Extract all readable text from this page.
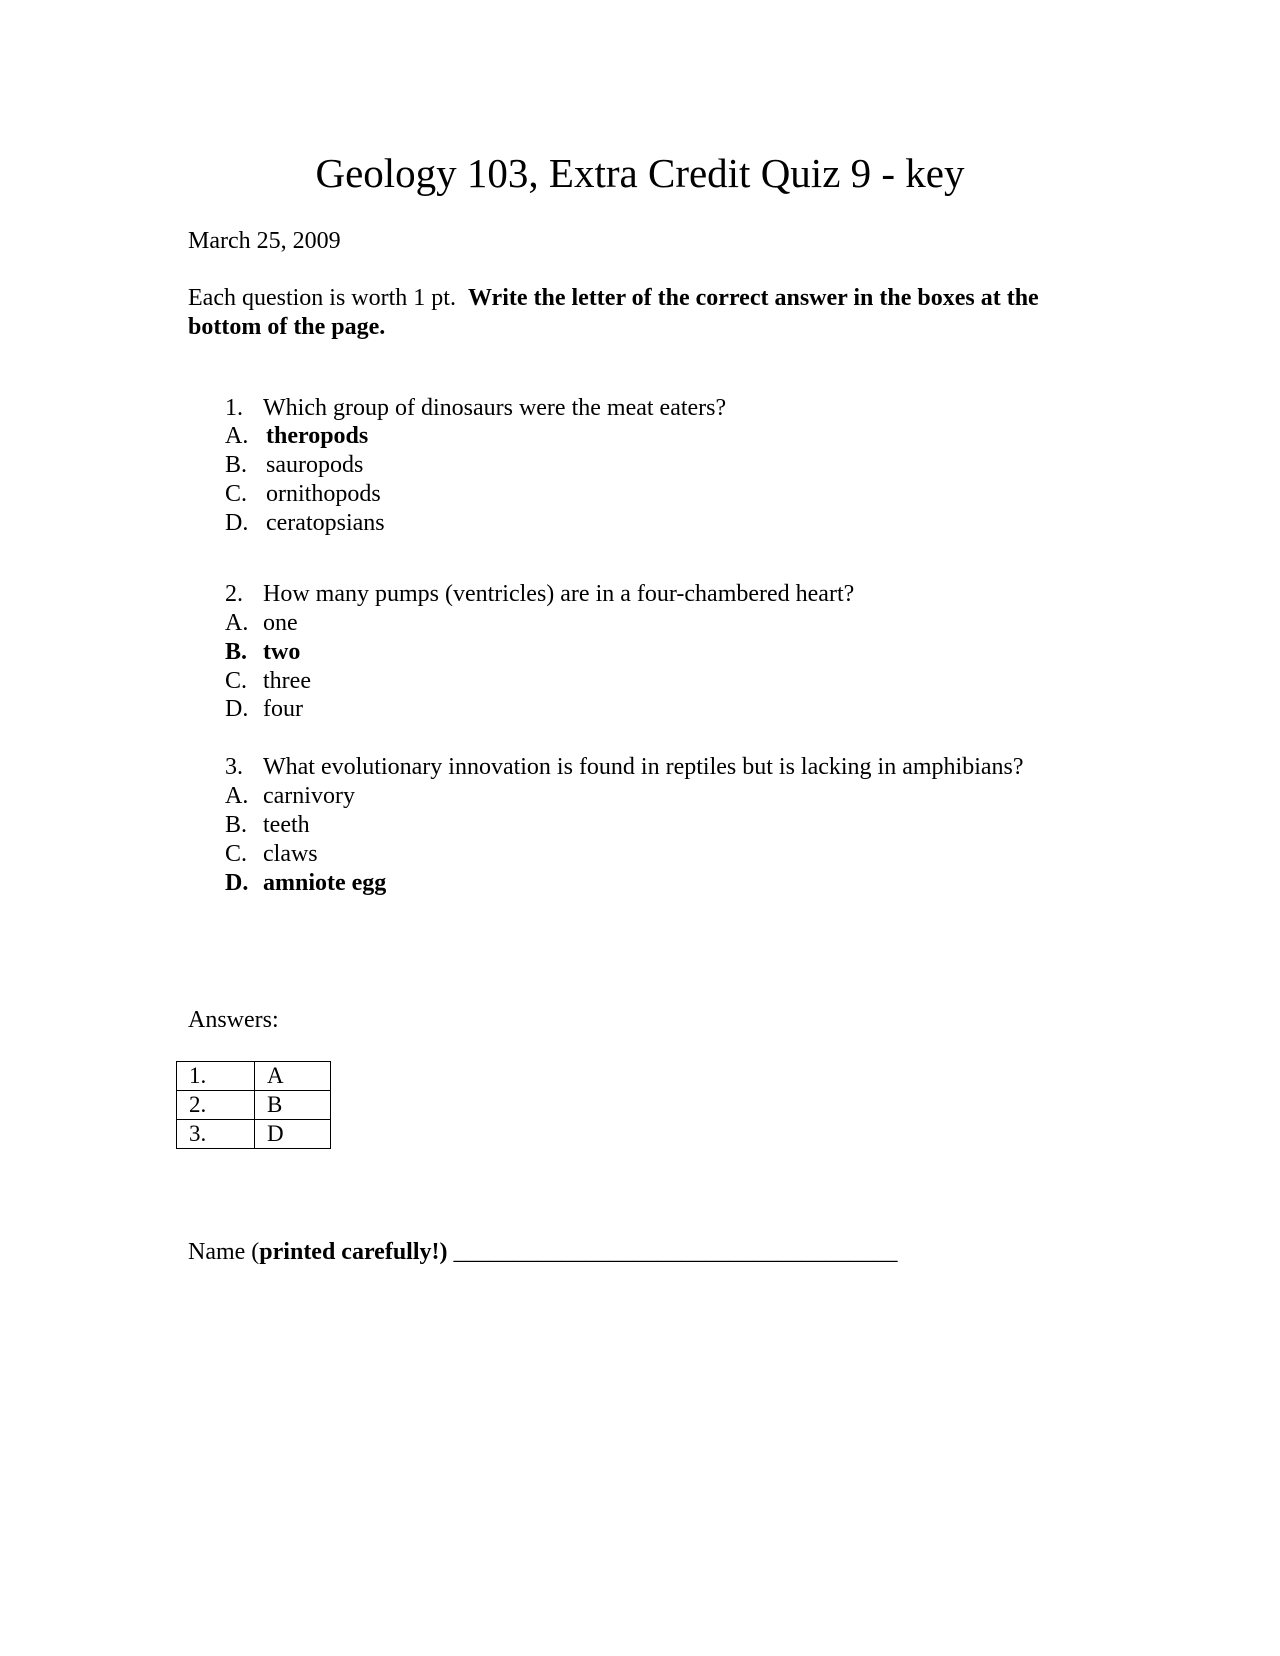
Geology 103, Extra Credit Quiz 9 - key
March 25, 2009
Each question is worth 1 pt. Write the letter of the correct answer in the boxes at the bottom of the page.
1. Which group of dinosaurs were the meat eaters?
A. theropods
B. sauropods
C. ornithopods
D. ceratopsians
2. How many pumps (ventricles) are in a four-chambered heart?
A. one
B. two
C. three
D. four
3. What evolutionary innovation is found in reptiles but is lacking in amphibians?
A. carnivory
B. teeth
C. claws
D. amniote egg
Answers:
1.	A
2.	B
3.	D
Name (printed carefully!) _____________________________________
